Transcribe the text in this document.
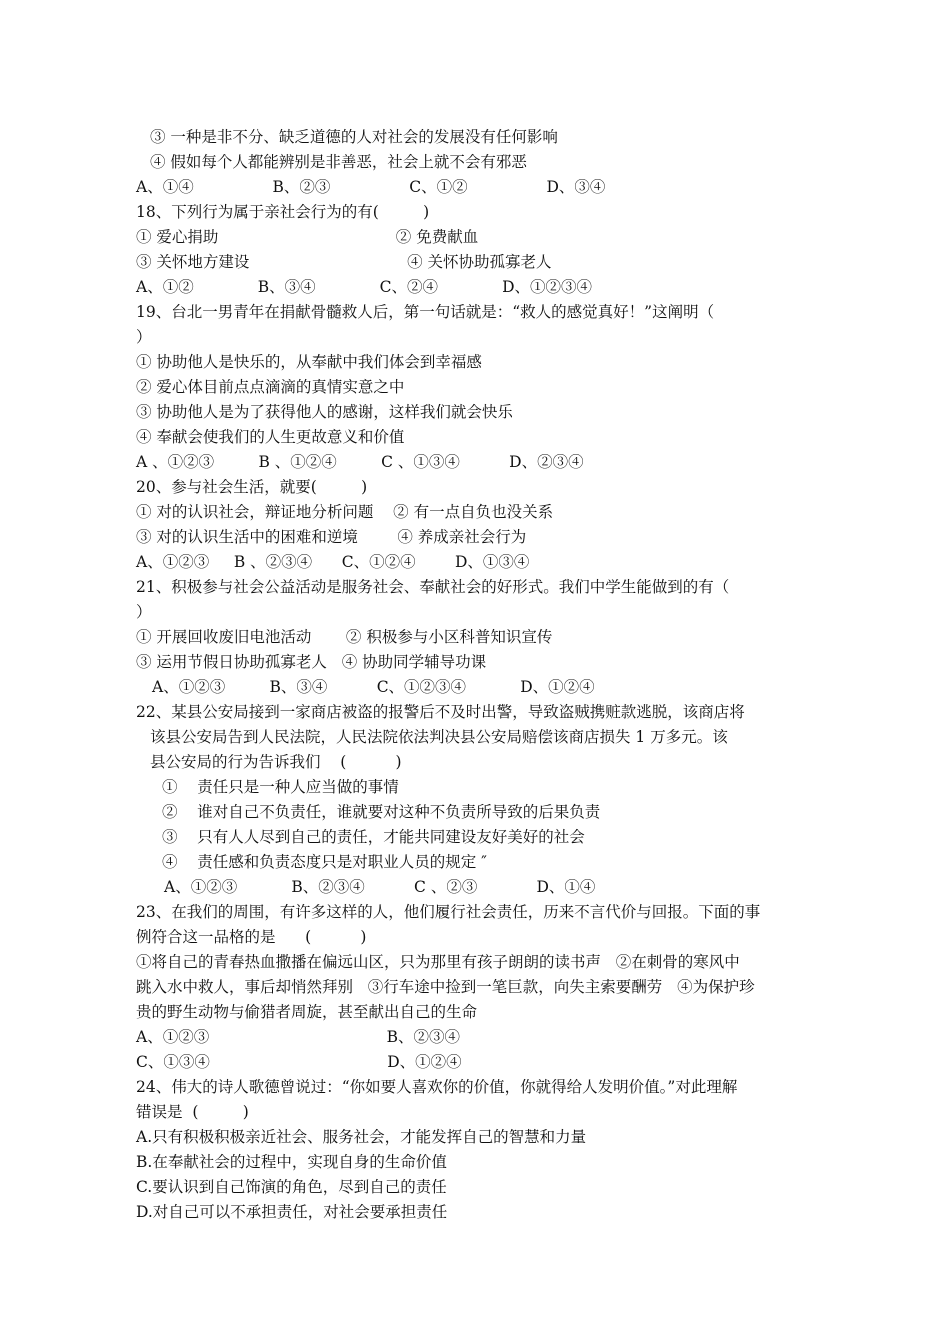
③ 一种是非不分、缺乏道德的人对社会的发展没有任何影响
④ 假如每个人都能辨别是非善恶，社会上就不会有邪恶
A、①④                B、②③                C、①②                D、③④
18、下列行为属于亲社会行为的有(         )
① 爱心捐助                                    ② 免费献血
③ 关怀地方建设                                ④ 关怀协助孤寡老人
A、①②             B、③④             C、②④             D、①②③④
19、台北一男青年在捐献骨髓救人后，第一句话就是：“救人的感觉真好！”这阐明（
）
① 协助他人是快乐的，从奉献中我们体会到幸福感
② 爱心体目前点点滴滴的真情实意之中
③ 协助他人是为了获得他人的感谢，这样我们就会快乐
④ 奉献会使我们的人生更故意义和价值
A 、①②③         B 、①②④         C 、①③④          D、②③④
20、参与社会生活，就要(         )
① 对的认识社会，辩证地分析问题    ② 有一点自负也没关系
③ 对的认识生活中的困难和逆境        ④ 养成亲社会行为
A、①②③     B 、②③④      C、①②④        D、①③④
21、积极参与社会公益活动是服务社会、奉献社会的好形式。我们中学生能做到的有（
）
① 开展回收废旧电池活动       ② 积极参与小区科普知识宣传
③ 运用节假日协助孤寡老人   ④ 协助同学辅导功课
A、①②③         B、③④          C、①②③④           D、①②④
22、某县公安局接到一家商店被盗的报警后不及时出警，导致盗贼携赃款逃脱，该商店将
该县公安局告到人民法院，人民法院依法判决县公安局赔偿该商店损失 1 万多元。该
县公安局的行为告诉我们    (          )
①    责任只是一种人应当做的事情
②    谁对自己不负责任，谁就要对这种不负责所导致的后果负责
③    只有人人尽到自己的责任，才能共同建设友好美好的社会
④    责任感和负责态度只是对职业人员的规定 ″
A、①②③           B、②③④          C 、②③            D、①④
23、在我们的周围，有许多这样的人，他们履行社会责任，历来不言代价与回报。下面的事
例符合这一品格的是      (          )
①将自己的青春热血撒播在偏远山区，只为那里有孩子朗朗的读书声   ②在刺骨的寒风中
跳入水中救人，事后却悄然拜别   ③行车途中捡到一笔巨款，向失主索要酬劳   ④为保护珍
贵的野生动物与偷猎者周旋，甚至献出自己的生命
A、①②③                                    B、②③④
C、①③④                                    D、①②④
24、伟大的诗人歌德曾说过：“你如要人喜欢你的价值，你就得给人发明价值。”对此理解
错误是  (         )
A.只有积极积极亲近社会、服务社会，才能发挥自己的智慧和力量
B.在奉献社会的过程中，实现自身的生命价值
C.要认识到自己饰演的角色，尽到自己的责任
D.对自己可以不承担责任，对社会要承担责任
